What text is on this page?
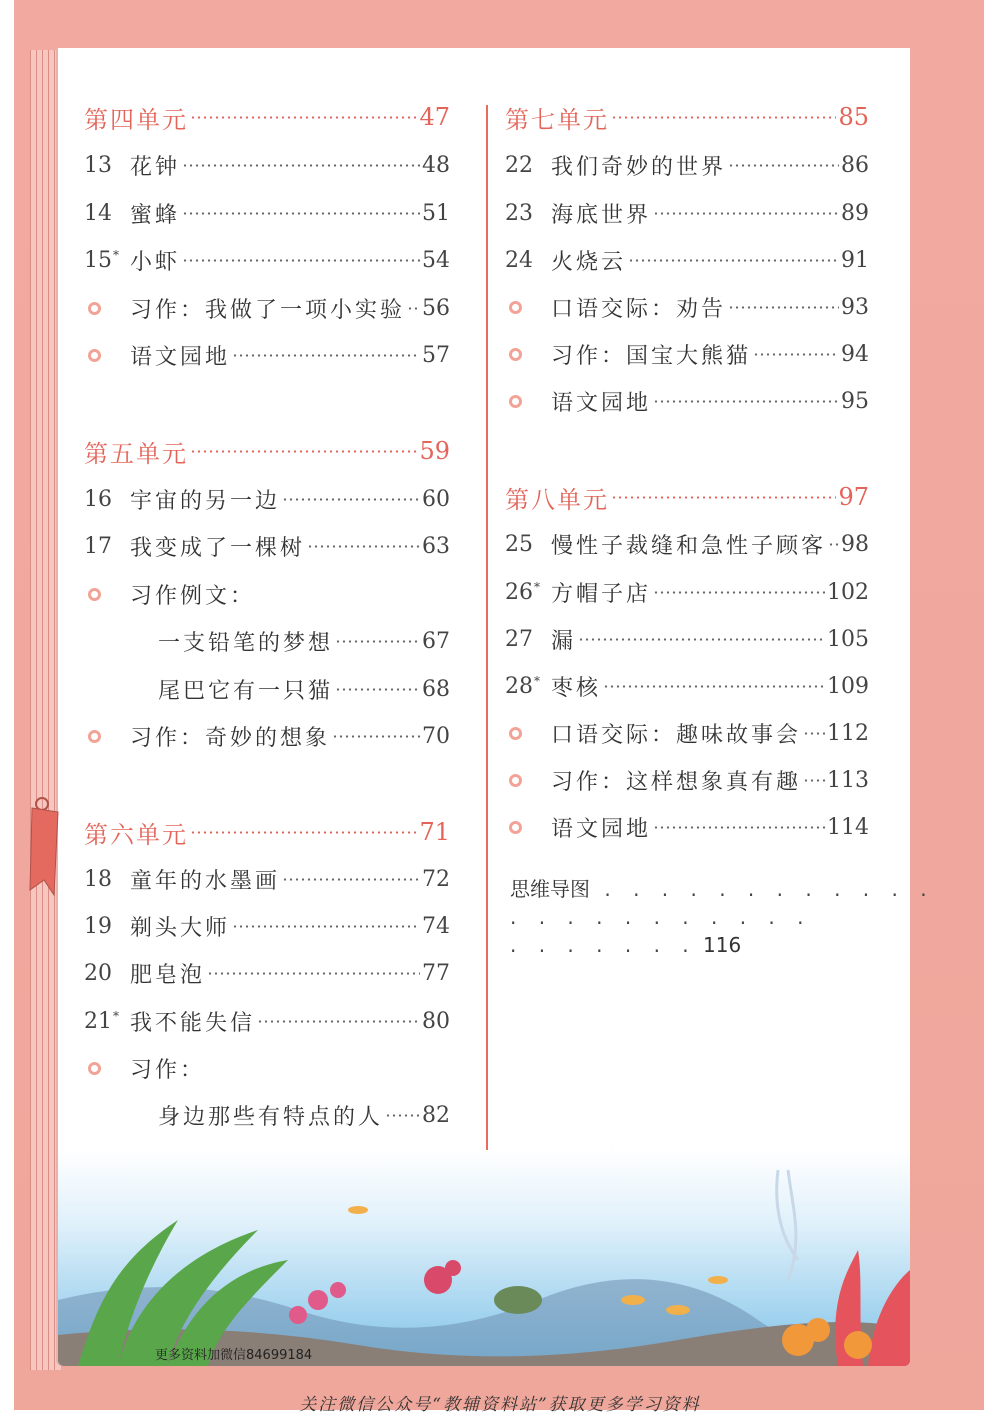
第四单元	47
13 花钟	48
14 蜜蜂	51
15* 小虾	54
习作：我做了一项小实验 56
语文园地	57
第五单元	59
16 宇宙的另一边	60
17 我变成了一棵树	63
习作例文：
一支铅笔的梦想	67
尾巴它有一只猫	68
习作：奇妙的想象	70
第六单元	71
18 童年的水墨画	72
19 剃头大师	74
20 肥皂泡	77
21* 我不能失信	80
习作：
身边那些有特点的人 82
第七单元	85
22 我们奇妙的世界	86
23 海底世界	89
24 火烧云	91
口语交际：劝告	93
习作：国宝大熊猫	94
语文园地	95
第八单元	97
25 慢性子裁缝和急性子顾客 98
26* 方帽子店	102
27 漏	105
28* 枣核	109
口语交际：趣味故事会 112
习作：这样想象真有趣 113
语文园地	114
思维导图 . . . . . . . . . . . . . . . . . . . . . . .
. . . . . . . 116
更多资料加微信84699184
关注微信公众号“教辅资料站”获取更多学习资料
